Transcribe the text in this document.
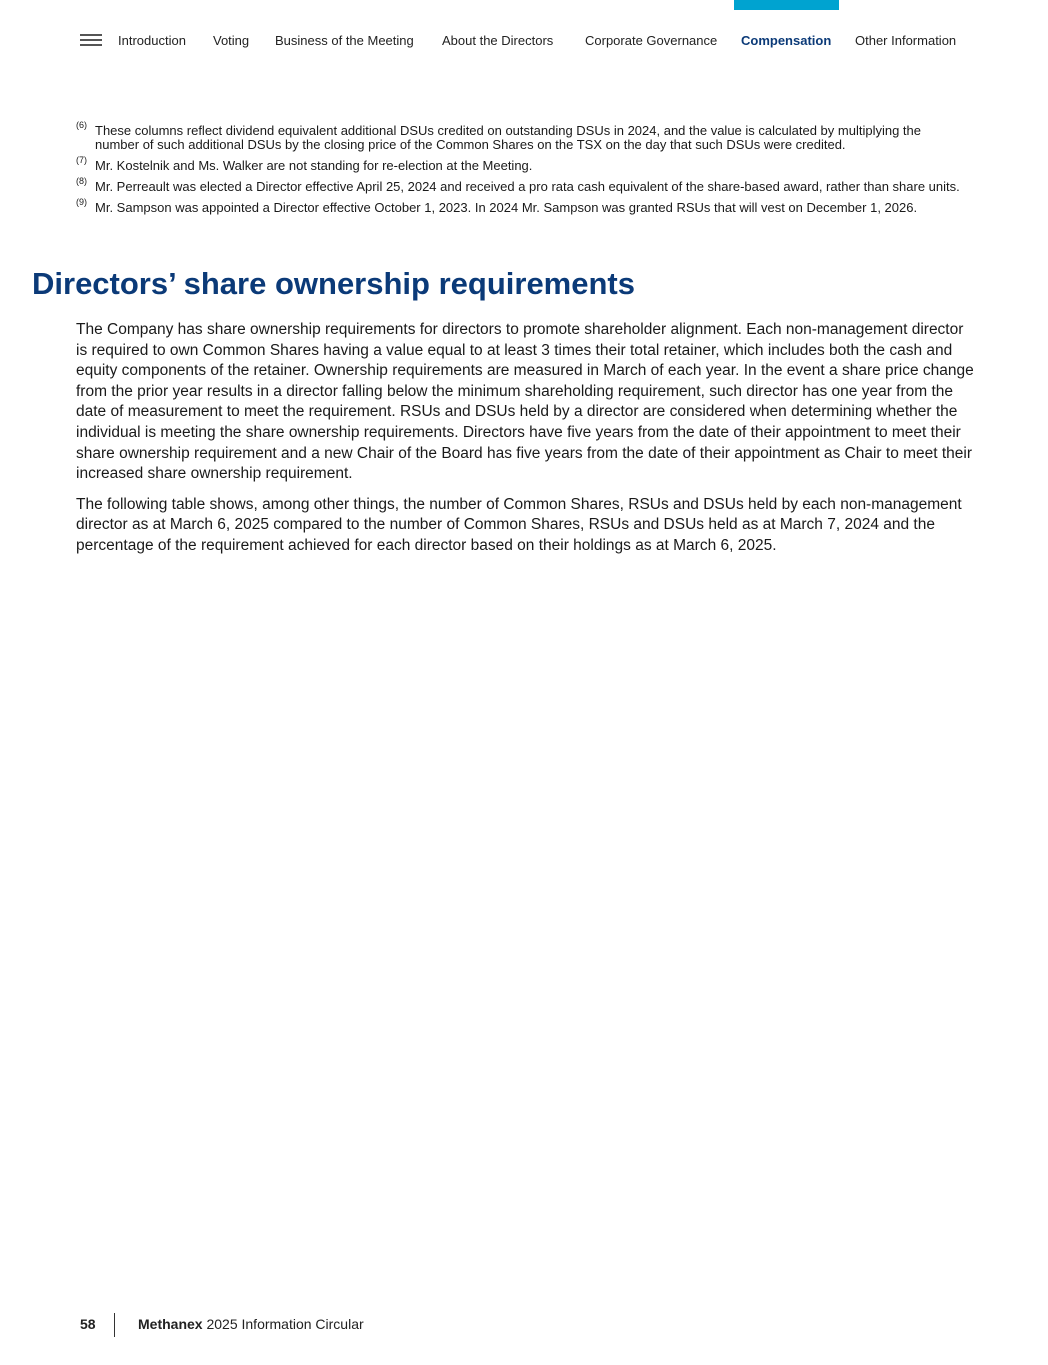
Introduction Voting Business of the Meeting About the Directors Corporate Governance Compensation Other Information
(6) These columns reflect dividend equivalent additional DSUs credited on outstanding DSUs in 2024, and the value is calculated by multiplying the number of such additional DSUs by the closing price of the Common Shares on the TSX on the day that such DSUs were credited.
(7) Mr. Kostelnik and Ms. Walker are not standing for re-election at the Meeting.
(8) Mr. Perreault was elected a Director effective April 25, 2024 and received a pro rata cash equivalent of the share-based award, rather than share units.
(9) Mr. Sampson was appointed a Director effective October 1, 2023. In 2024 Mr. Sampson was granted RSUs that will vest on December 1, 2026.
Directors’ share ownership requirements

The Company has share ownership requirements for directors to promote shareholder alignment. Each non-management director is required to own Common Shares having a value equal to at least 3 times their total retainer, which includes both the cash and equity components of the retainer. Ownership requirements are measured in March of each year. In the event a share price change from the prior year results in a director falling below the minimum shareholding requirement, such director has one year from the date of measurement to meet the requirement. RSUs and DSUs held by a director are considered when determining whether the individual is meeting the share ownership requirements. Directors have five years from the date of their appointment to meet their share ownership requirement and a new Chair of the Board has five years from the date of their appointment as Chair to meet their increased share ownership requirement.

The following table shows, among other things, the number of Common Shares, RSUs and DSUs held by each non-management director as at March 6, 2025 compared to the number of Common Shares, RSUs and DSUs held as at March 7, 2024 and the percentage of the requirement achieved for each director based on their holdings as at March 6, 2025.

58	Methanex 2025 Information Circular
